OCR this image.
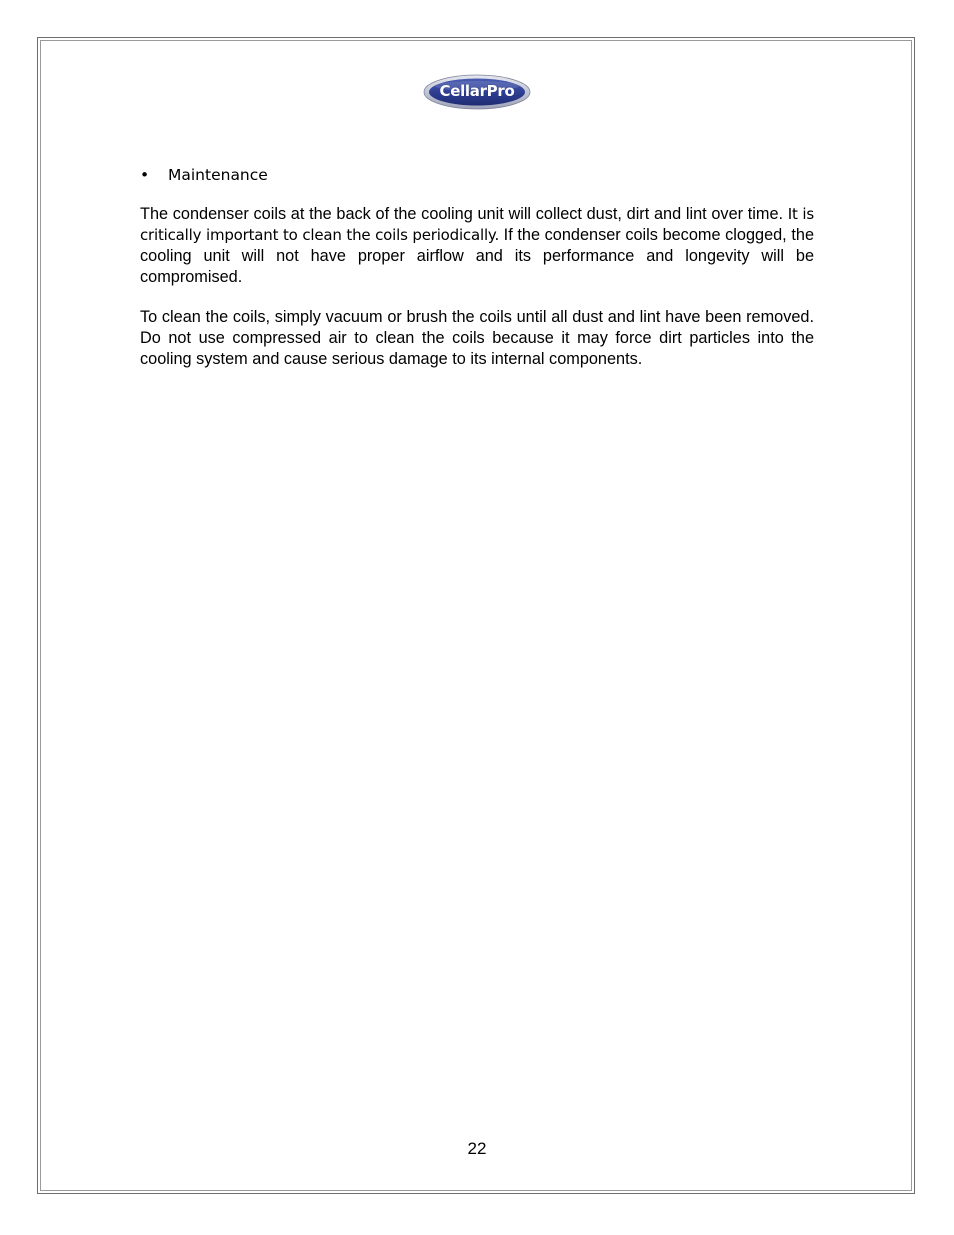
CellarPro
•	Maintenance

The condenser coils at the back of the cooling unit will collect dust, dirt and lint over time. It is critically important to clean the coils periodically. If the condenser coils become clogged, the cooling unit will not have proper airflow and its performance and longevity will be compromised.

To clean the coils, simply vacuum or brush the coils until all dust and lint have been removed. Do not use compressed air to clean the coils because it may force dirt particles into the cooling system and cause serious damage to its internal components.

22
